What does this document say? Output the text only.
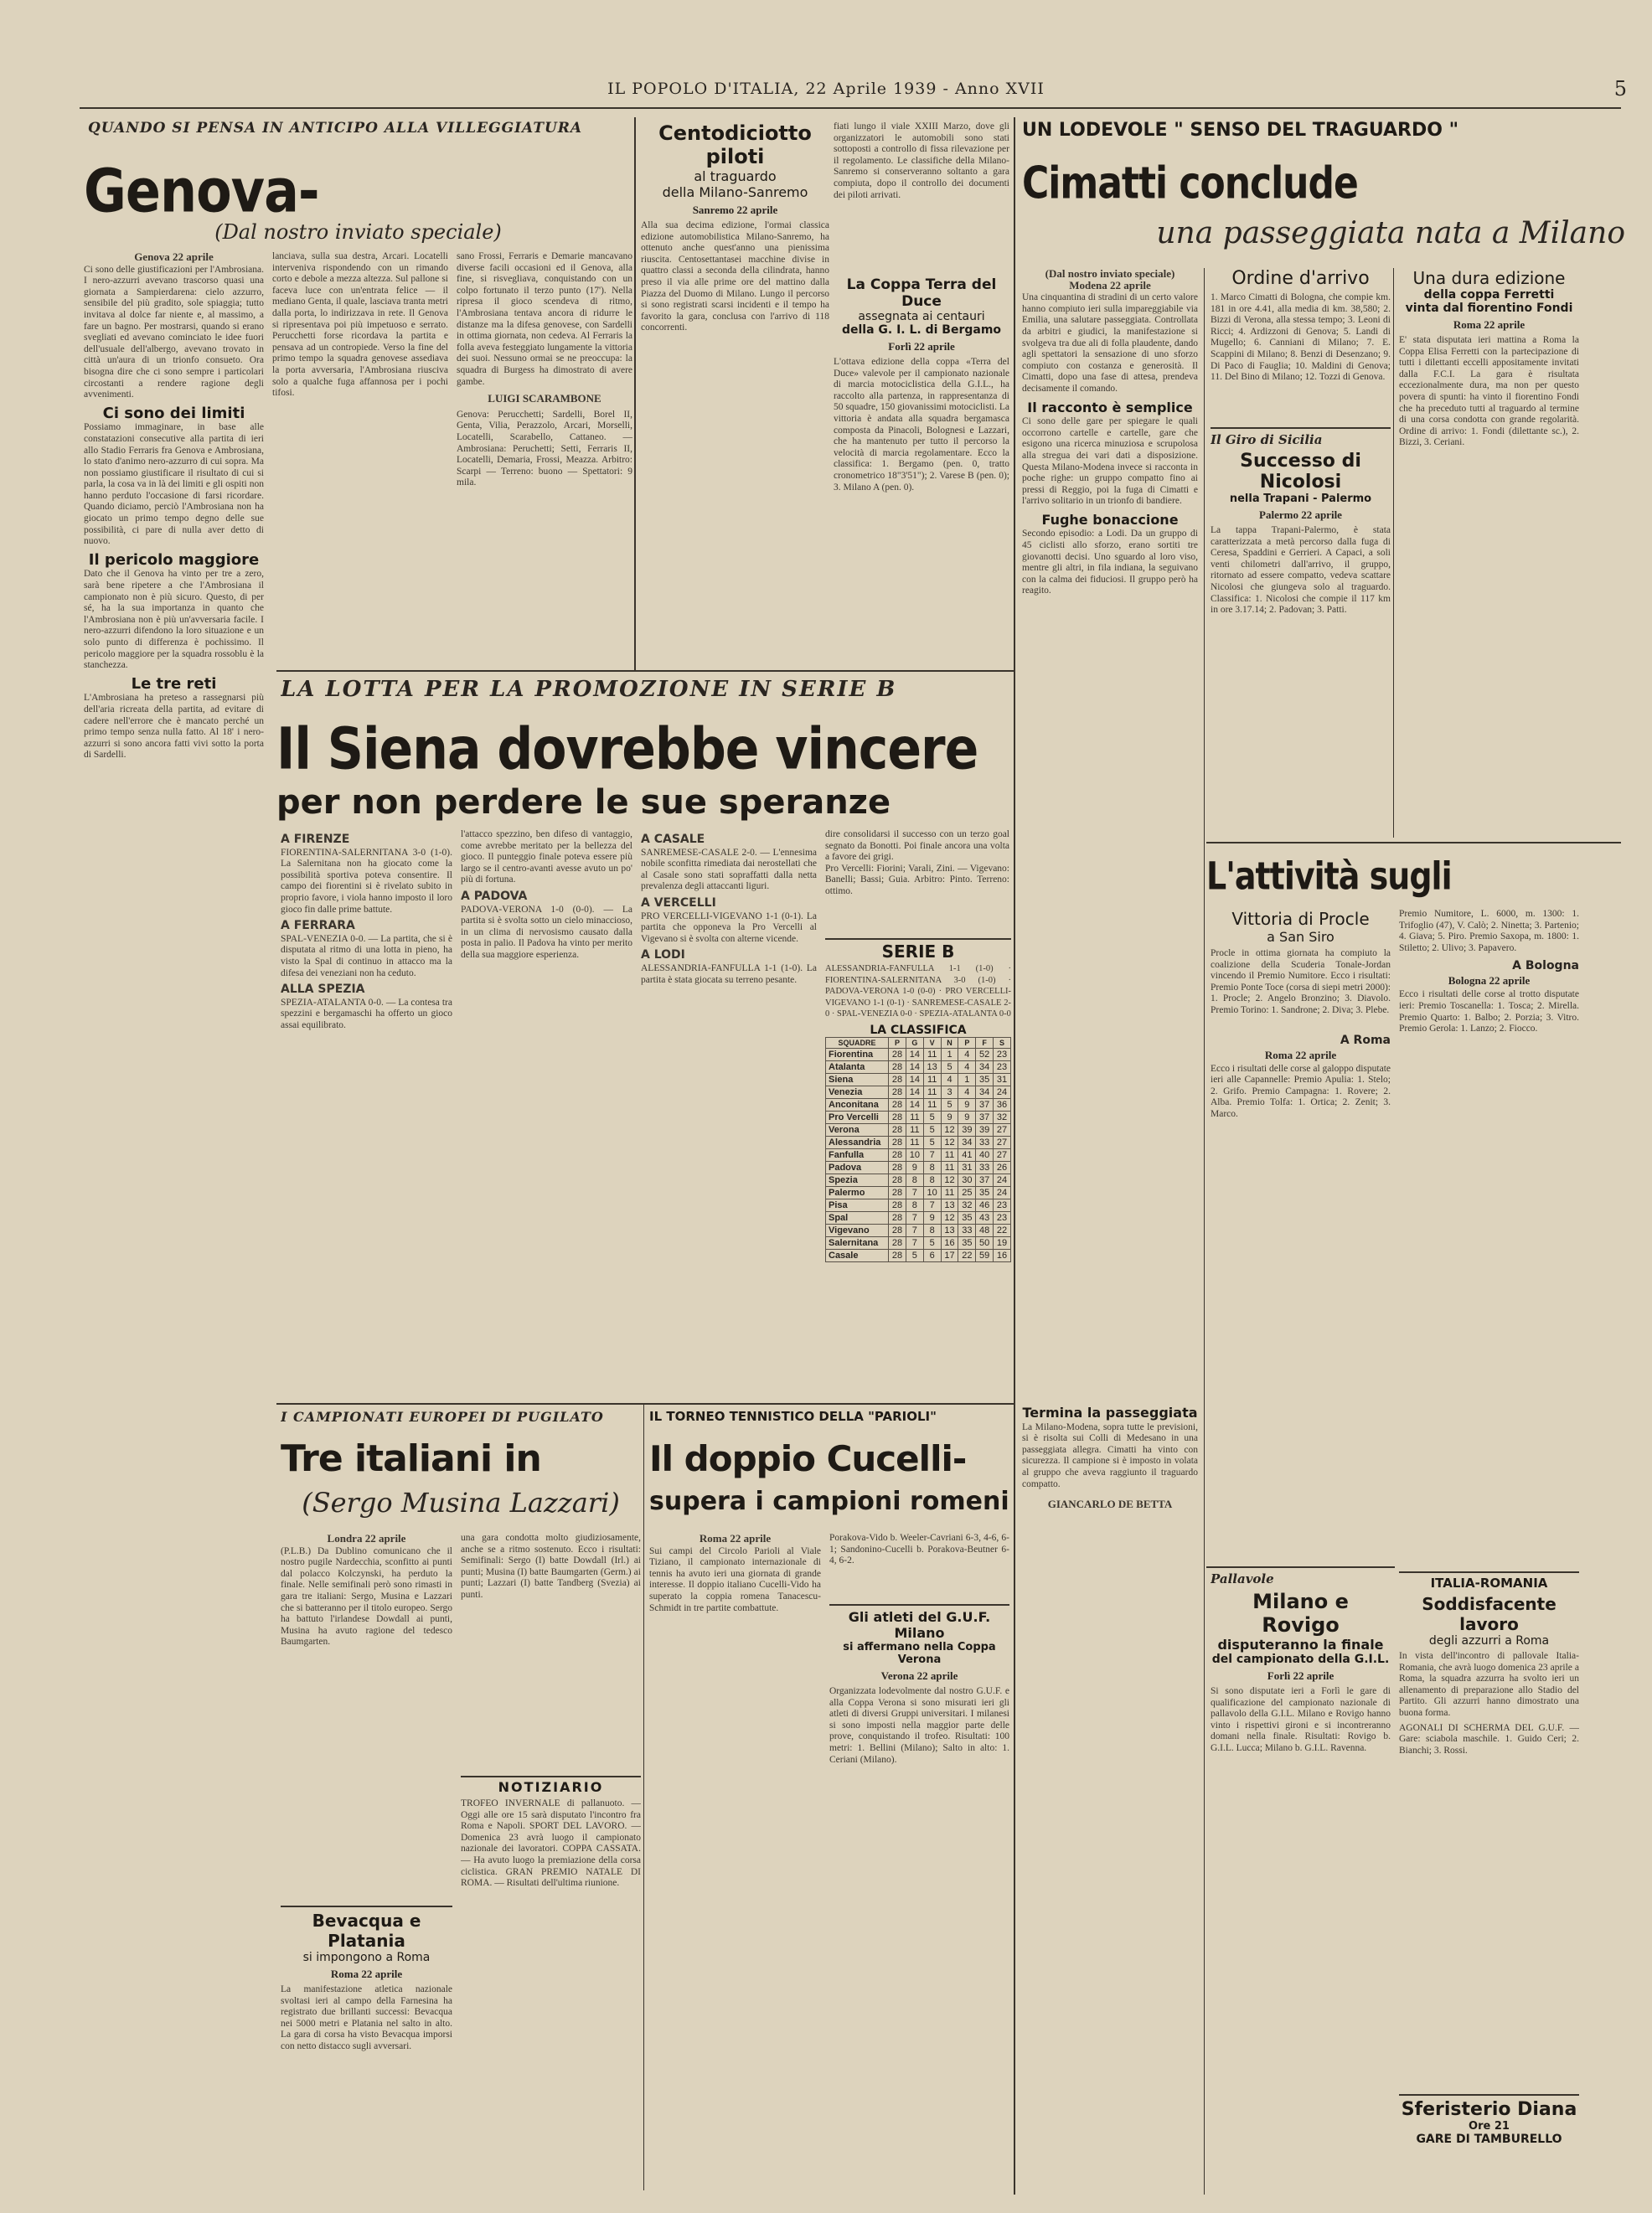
IL POPOLO D'ITALIA, 22 Aprile 1939 - Anno XVII	5
QUANDO SI PENSA IN ANTICIPO ALLA VILLEGGIATURA
Genova-
(Dal nostro inviato speciale)
Genova 22 aprile

Ci sono delle giustificazioni per l'Ambrosiana. I nero-azzurri avevano trascorso quasi una giornata a Sampierdarena: cielo azzurro, sensibile del più gradito, sole spiaggia; tutto invitava al dolce far niente e, al massimo, a fare un bagno. Per mostrarsi, quando si erano svegliati ed avevano cominciato le idee fuori dell'usuale dell'albergo, avevano trovato in città un'aura di un trionfo consueto. Ora bisogna dire che ci sono sempre i particolari circostanti a rendere ragione degli avvenimenti.

Ci sono dei limiti

Possiamo immaginare, in base alle constatazioni consecutive alla partita di ieri allo Stadio Ferraris fra Genova e Ambrosiana, lo stato d'animo nero-azzurro di cui sopra. Ma non possiamo giustificare il risultato di cui si parla, la cosa va in là dei limiti e gli ospiti non hanno perduto l'occasione di farsi ricordare. Quando diciamo, perciò l'Ambrosiana non ha giocato un primo tempo degno delle sue possibilità, ci pare di nulla aver detto di nuovo.

Il pericolo maggiore

Dato che il Genova ha vinto per tre a zero, sarà bene ripetere a che l'Ambrosiana il campionato non è più sicuro. Questo, di per sé, ha la sua importanza in quanto che l'Ambrosiana non è più un'avversaria facile. I nero-azzurri difendono la loro situazione e un solo punto di differenza è pochissimo. Il pericolo maggiore per la squadra rossoblu è la stanchezza.

Le tre reti

L'Ambrosiana ha preteso a rassegnarsi più dell'aria ricreata della partita, ad evitare di cadere nell'errore che è mancato perché un primo tempo senza nulla fatto. Al 18' i nero-azzurri si sono ancora fatti vivi sotto la porta di Sardelli.

lanciava, sulla sua destra, Arcari. Locatelli interveniva rispondendo con un rimando corto e debole a mezza altezza. Sul pallone si faceva luce con un'entrata felice — il mediano Genta, il quale, lasciava tranta metri dalla porta, lo indirizzava in rete. Il Genova si ripresentava poi più impetuoso e serrato. Perucchetti forse ricordava la partita e pensava ad un contropiede. Verso la fine del primo tempo la squadra genovese assediava la porta avversaria, l'Ambrosiana riusciva solo a qualche fuga affannosa per i pochi tifosi.

sano Frossi, Ferraris e Demarie mancavano diverse facili occasioni ed il Genova, alla fine, si risvegliava, conquistando con un colpo fortunato il terzo punto (17'). Nella ripresa il gioco scendeva di ritmo, l'Ambrosiana tentava ancora di ridurre le distanze ma la difesa genovese, con Sardelli in ottima giornata, non cedeva. Al Ferraris la folla aveva festeggiato lungamente la vittoria dei suoi. Nessuno ormai se ne preoccupa: la squadra di Burgess ha dimostrato di avere gambe.

LUIGI SCARAMBONE

Genova: Perucchetti; Sardelli, Borel II, Genta, Vilia, Perazzolo, Arcari, Morselli, Locatelli, Scarabello, Cattaneo. — Ambrosiana: Peruchetti; Setti, Ferraris II, Locatelli, Demaria, Frossi, Meazza. Arbitro: Scarpi — Terreno: buono — Spettatori: 9 mila.

Centodiciotto piloti
al traguardo
della Milano-Sanremo
Sanremo 22 aprile

Alla sua decima edizione, l'ormai classica edizione automobilistica Milano-Sanremo, ha ottenuto anche quest'anno una pienissima riuscita. Centosettantasei macchine divise in quattro classi a seconda della cilindrata, hanno preso il via alle prime ore del mattino dalla Piazza del Duomo di Milano. Lungo il percorso si sono registrati scarsi incidenti e il tempo ha favorito la gara, conclusa con l'arrivo di 118 concorrenti.

fiati lungo il viale XXIII Marzo, dove gli organizzatori le automobili sono stati sottoposti a controllo di fissa rilevazione per il regolamento. Le classifiche della Milano-Sanremo si conserveranno soltanto a gara compiuta, dopo il controllo dei documenti dei piloti arrivati.

La Coppa Terra del Duce
assegnata ai centauri
della G. I. L. di Bergamo
Forlì 22 aprile

L'ottava edizione della coppa «Terra del Duce» valevole per il campionato nazionale di marcia motociclistica della G.I.L., ha raccolto alla partenza, in rappresentanza di 50 squadre, 150 giovanissimi motociclisti. La vittoria è andata alla squadra bergamasca composta da Pinacoli, Bolognesi e Lazzari, che ha mantenuto per tutto il percorso la velocità di marcia regolamentare. Ecco la classifica: 1. Bergamo (pen. 0, tratto cronometrico 18"3'51"); 2. Varese B (pen. 0); 3. Milano A (pen. 0).

UN LODEVOLE " SENSO DEL TRAGUARDO "
Cimatti conclude
una passeggiata nata a Milano
(Dal nostro inviato speciale)
Modena 22 aprile

Una cinquantina di stradini di un certo valore hanno compiuto ieri sulla impareggiabile via Emilia, una salutare passeggiata. Controllata da arbitri e giudici, la manifestazione si svolgeva tra due ali di folla plaudente, dando agli spettatori la sensazione di uno sforzo compiuto con costanza e generosità. Il Cimatti, dopo una fase di attesa, prendeva decisamente il comando.

Il racconto è semplice

Ci sono delle gare per spiegare le quali occorrono cartelle e cartelle, gare che esigono una ricerca minuziosa e scrupolosa alla stregua dei vari dati a disposizione. Questa Milano-Modena invece si racconta in poche righe: un gruppo compatto fino ai pressi di Reggio, poi la fuga di Cimatti e l'arrivo solitario in un trionfo di bandiere.

Fughe bonaccione

Secondo episodio: a Lodi. Da un gruppo di 45 ciclisti allo sforzo, erano sortiti tre giovanotti decisi. Uno sguardo al loro viso, mentre gli altri, in fila indiana, la seguivano con la calma dei fiduciosi. Il gruppo però ha reagito.

Termina la passeggiata

La Milano-Modena, sopra tutte le previsioni, si è risolta sui Colli di Medesano in una passeggiata allegra. Cimatti ha vinto con sicurezza. Il campione si è imposto in volata al gruppo che aveva raggiunto il traguardo compatto.

GIANCARLO DE BETTA
Ordine d'arrivo

1. Marco Cimatti di Bologna, che compie km. 181 in ore 4.41, alla media di km. 38,580; 2. Bizzi di Verona, alla stessa tempo; 3. Leoni di Ricci; 4. Ardizzoni di Genova; 5. Landi di Mugello; 6. Canniani di Milano; 7. E. Scappini di Milano; 8. Benzi di Desenzano; 9. Di Paco di Faugliа; 10. Maldini di Genova; 11. Del Bino di Milano; 12. Tozzi di Genova.

Il Giro di Sicilia
Successo di Nicolosi
nella Trapani - Palermo
Palermo 22 aprile

La tappa Trapani-Palermo, è stata caratterizzata a metà percorso dalla fuga di Ceresa, Spaddini e Gerrieri. A Capaci, a soli venti chilometri dall'arrivo, il gruppo, ritornato ad essere compatto, vedeva scattare Nicolosi che giungeva solo al traguardo. Classifica: 1. Nicolosi che compie il 117 km in ore 3.17.14; 2. Padovan; 3. Patti.

Una dura edizione
della coppa Ferretti
vinta dal fiorentino Fondi
Roma 22 aprile

E' stata disputata ieri mattina a Roma la Coppa Elisa Ferretti con la partecipazione di tutti i dilettanti eccelli appositamente invitati dalla F.C.I. La gara è risultata eccezionalmente dura, ma non per questo povera di spunti: ha vinto il fiorentino Fondi che ha preceduto tutti al traguardo al termine di una corsa condotta con grande regolarità. Ordine di arrivo: 1. Fondi (dilettante sc.), 2. Bizzi, 3. Ceriani.

L'attività sugli
Vittoria di Procle
a San Siro

Procle in ottima giornata ha compiuto la coalizione della Scuderia Tonale-Jordan vincendo il Premio Numitore. Ecco i risultati: Premio Ponte Toce (corsa di siepi metri 2000): 1. Procle; 2. Angelo Bronzino; 3. Diavolo. Premio Torino: 1. Sandrone; 2. Diva; 3. Plebe.

A Roma
Roma 22 aprile

Ecco i risultati delle corse al galoppo disputate ieri alle Capannelle: Premio Apulia: 1. Stelo; 2. Grifo. Premio Campagna: 1. Rovere; 2. Alba. Premio Tolfa: 1. Ortica; 2. Zenit; 3. Marco.

Premio Numitore, L. 6000, m. 1300: 1. Trifoglio (47), V. Calò; 2. Ninetta; 3. Partenio; 4. Giava; 5. Piro. Premio Saxopa, m. 1800: 1. Stiletto; 2. Ulivo; 3. Papavero.

A Bologna
Bologna 22 aprile

Ecco i risultati delle corse al trotto disputate ieri: Premio Toscanella: 1. Tosca; 2. Mirella. Premio Quarto: 1. Balbo; 2. Porzia; 3. Vitro. Premio Gerola: 1. Lanzo; 2. Fiocco.

Pallavole
Milano e Rovigo
disputeranno la finale
del campionato della G.I.L.
Forlì 22 aprile

Si sono disputate ieri a Forlì le gare di qualificazione del campionato nazionale di pallavolo della G.I.L. Milano e Rovigo hanno vinto i rispettivi gironi e si incontreranno domani nella finale. Risultati: Rovigo b. G.I.L. Lucca; Milano b. G.I.L. Ravenna.

ITALIA-ROMANIA
Soddisfacente lavoro
degli azzurri a Roma

In vista dell'incontro di pallovale Italia-Romania, che avrà luogo domenica 23 aprile a Roma, la squadra azzurra ha svolto ieri un allenamento di preparazione allo Stadio del Partito. Gli azzurri hanno dimostrato una buona forma.

AGONALI DI SCHERMA DEL G.U.F. — Gare: sciabola maschile. 1. Guido Ceri; 2. Bianchi; 3. Rossi.

Sferisterio Diana
Ore 21
GARE DI TAMBURELLO
LA LOTTA PER LA PROMOZIONE IN SERIE B
Il Siena dovrebbe vincere
per non perdere le sue speranze
A FIRENZE

FIORENTINA-SALERNITANA 3-0 (1-0). La Salernitana non ha giocato come la possibilità sportiva poteva consentire. Il campo dei fiorentini si è rivelato subito in proprio favore, i viola hanno imposto il loro gioco fin dalle prime battute.

A FERRARA

SPAL-VENEZIA 0-0. — La partita, che si è disputata al ritmo di una lotta in pieno, ha visto la Spal di continuo in attacco ma la difesa dei veneziani non ha ceduto.

ALLA SPEZIA

SPEZIA-ATALANTA 0-0. — La contesa tra spezzini e bergamaschi ha offerto un gioco assai equilibrato.

l'attacco spezzino, ben difeso di vantaggio, come avrebbe meritato per la bellezza del gioco. Il punteggio finale poteva essere più largo se il centro-avanti avesse avuto un po' più di fortuna.

A PADOVA

PADOVA-VERONA 1-0 (0-0). — La partita si è svolta sotto un cielo minaccioso, in un clima di nervosismo causato dalla posta in palio. Il Padova ha vinto per merito della sua maggiore esperienza.

A CASALE

SANREMESE-CASALE 2-0. — L'ennesima nobile sconfitta rimediata dai nerostellati che al Casale sono stati sopraffatti dalla netta prevalenza degli attaccanti liguri.

A VERCELLI

PRO VERCELLI-VIGEVANO 1-1 (0-1). La partita che opponeva la Pro Vercelli al Vigevano si è svolta con alterne vicende.

A LODI

ALESSANDRIA-FANFULLA 1-1 (1-0). La partita è stata giocata su terreno pesante.

dire consolidarsi il successo con un terzo goal segnato da Bonotti. Poi finale ancora una volta a favore dei grigi.

Pro Vercelli: Fiorini; Varali, Zini. — Vigevano: Banelli; Bassi; Guia. Arbitro: Pinto. Terreno: ottimo.

SERIE B

ALESSANDRIA-FANFULLA 1-1 (1-0) · FIORENTINA-SALERNITANA 3-0 (1-0) · PADOVA-VERONA 1-0 (0-0) · PRO VERCELLI-VIGEVANO 1-1 (0-1) · SANREMESE-CASALE 2-0 · SPAL-VENEZIA 0-0 · SPEZIA-ATALANTA 0-0

LA CLASSIFICA
SQUADRE	P	G	V	N	P	F	S
Fiorentina	28	14	11	1	4	52	23
Atalanta	28	14	13	5	4	34	23
Siena	28	14	11	4	1	35	31
Venezia	28	14	11	3	4	34	24
Anconitana	28	14	11	5	9	37	36
Pro Vercelli	28	11	5	9	9	37	32
Verona	28	11	5	12	39	39	27
Alessandria	28	11	5	12	34	33	27
Fanfulla	28	10	7	11	41	40	27
Padova	28	9	8	11	31	33	26
Spezia	28	8	8	12	30	37	24
Palermo	28	7	10	11	25	35	24
Pisa	28	8	7	13	32	46	23
Spal	28	7	9	12	35	43	23
Vigevano	28	7	8	13	33	48	22
Salernitana	28	7	5	16	35	50	19
Casale	28	5	6	17	22	59	16
I CAMPIONATI EUROPEI DI PUGILATO
Tre italiani in
(Sergo Musina Lazzari)
Londra 22 aprile

(P.L.B.) Da Dublino comunicano che il nostro pugile Nardecchia, sconfitto ai punti dal polacco Kolczynski, ha perduto la finale. Nelle semifinali però sono rimasti in gara tre italiani: Sergo, Musina e Lazzari che si batteranno per il titolo europeo. Sergo ha battuto l'irlandese Dowdall ai punti, Musina ha avuto ragione del tedesco Baumgarten.

una gara condotta molto giudiziosamente, anche se a ritmo sostenuto. Ecco i risultati: Semifinali: Sergo (I) batte Dowdall (Irl.) ai punti; Musina (I) batte Baumgarten (Germ.) ai punti; Lazzari (I) batte Tandberg (Svezia) ai punti.

NOTIZIARIO

TROFEO INVERNALE di pallanuoto. — Oggi alle ore 15 sarà disputato l'incontro fra Roma e Napoli. SPORT DEL LAVORO. — Domenica 23 avrà luogo il campionato nazionale dei lavoratori. COPPA CASSATA. — Ha avuto luogo la premiazione della corsa ciclistica. GRAN PREMIO NATALE DI ROMA. — Risultati dell'ultima riunione.

Bevacqua e Platania
si impongono a Roma
Roma 22 aprile

La manifestazione atletica nazionale svoltasi ieri al campo della Farnesina ha registrato due brillanti successi: Bevacqua nei 5000 metri e Platania nel salto in alto. La gara di corsa ha visto Bevacqua imporsi con netto distacco sugli avversari.

IL TORNEO TENNISTICO DELLA "PARIOLI"
Il doppio Cucelli-
supera i campioni romeni
Roma 22 aprile

Sui campi del Circolo Parioli al Viale Tiziano, il campionato internazionale di tennis ha avuto ieri una giornata di grande interesse. Il doppio italiano Cucelli-Vido ha superato la coppia romena Tanacescu-Schmidt in tre partite combattute.

Porakova-Vido b. Weeler-Cavriani 6-3, 4-6, 6-1; Sandonino-Cucelli b. Porakova-Beutner 6-4, 6-2.

Gli atleti del G.U.F. Milano
si affermano nella Coppa Verona
Verona 22 aprile

Organizzata lodevolmente dal nostro G.U.F. e alla Coppa Verona si sono misurati ieri gli atleti di diversi Gruppi universitari. I milanesi si sono imposti nella maggior parte delle prove, conquistando il trofeo. Risultati: 100 metri: 1. Bellini (Milano); Salto in alto: 1. Ceriani (Milano).
